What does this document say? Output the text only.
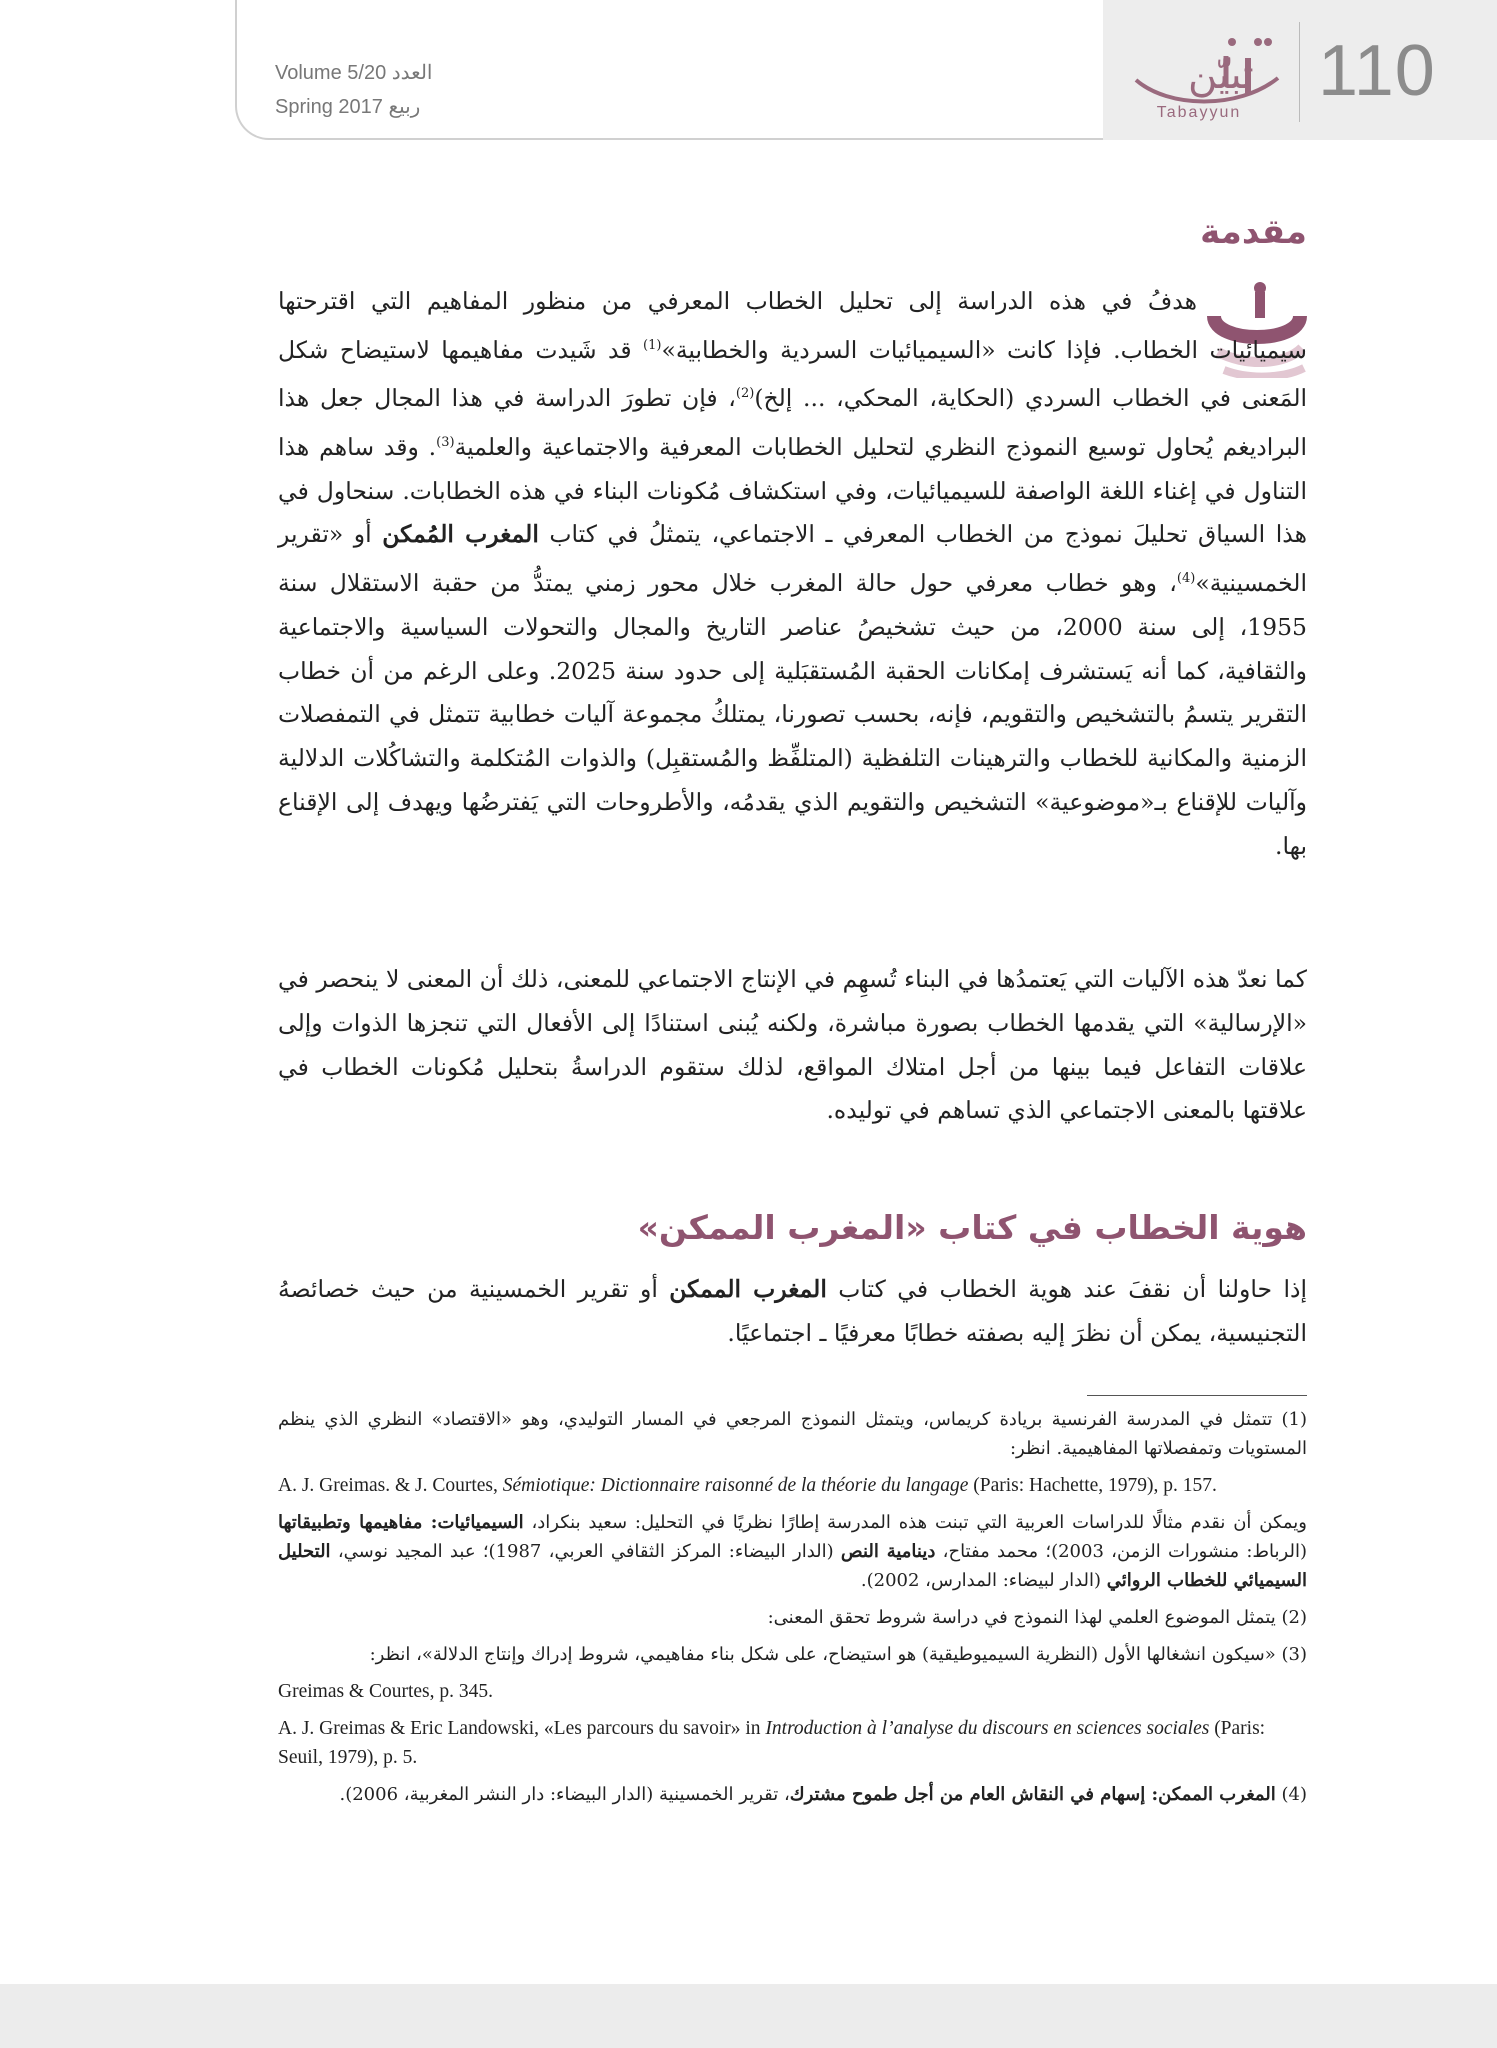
Volume 5/20 العدد
Spring 2017 ربيع
تبيّن
Tabayyun
110
مقدمة

هدفُ في هذه الدراسة إلى تحليل الخطاب المعرفي من منظور المفاهيم التي اقترحتها سيميائيات الخطاب. فإذا كانت «السيميائيات السردية والخطابية»$^{(1)}$ قد شَيدت مفاهيمها لاستيضاح شكل المَعنى في الخطاب السردي (الحكاية، المحكي، ... إلخ)$^{(2)}$، فإن تطورَ الدراسة في هذا المجال جعل هذا البراديغم يُحاول توسيع النموذج النظري لتحليل الخطابات المعرفية والاجتماعية والعلمية$^{(3)}$. وقد ساهم هذا التناول في إغناء اللغة الواصفة للسيميائيات، وفي استكشاف مُكونات البناء في هذه الخطابات. سنحاول في هذا السياق تحليلَ نموذج من الخطاب المعرفي ـ الاجتماعي، يتمثلُ في كتاب المغرب المُمكن أو «تقرير الخمسينية»$^{(4)}$، وهو خطاب معرفي حول حالة المغرب خلال محور زمني يمتدُّ من حقبة الاستقلال سنة 1955، إلى سنة 2000، من حيث تشخيصُ عناصر التاريخ والمجال والتحولات السياسية والاجتماعية والثقافية، كما أنه يَستشرف إمكانات الحقبة المُستقبَلية إلى حدود سنة 2025. وعلى الرغم من أن خطاب التقرير يتسمُ بالتشخيص والتقويم، فإنه، بحسب تصورنا، يمتلكُ مجموعة آليات خطابية تتمثل في التمفصلات الزمنية والمكانية للخطاب والترهينات التلفظية (المتلفِّظ والمُستقبِل) والذوات المُتكلمة والتشاكُلات الدلالية وآليات للإقناع بـ«موضوعية» التشخيص والتقويم الذي يقدمُه، والأطروحات التي يَفترضُها ويهدف إلى الإقناع بها.

كما نعدّ هذه الآليات التي يَعتمدُها في البناء تُسهِم في الإنتاج الاجتماعي للمعنى، ذلك أن المعنى لا ينحصر في «الإرسالية» التي يقدمها الخطاب بصورة مباشرة، ولكنه يُبنى استنادًا إلى الأفعال التي تنجزها الذوات وإلى علاقات التفاعل فيما بينها من أجل امتلاك المواقع، لذلك ستقوم الدراسةُ بتحليل مُكونات الخطاب في علاقتها بالمعنى الاجتماعي الذي تساهم في توليده.

هوية الخطاب في كتاب «المغرب الممكن»

إذا حاولنا أن نقفَ عند هوية الخطاب في كتاب المغرب الممكن أو تقرير الخمسينية من حيث خصائصهُ التجنيسية، يمكن أن نظرَ إليه بصفته خطابًا معرفيًا ـ اجتماعيًا.

(1) تتمثل في المدرسة الفرنسية بريادة كريماس، ويتمثل النموذج المرجعي في المسار التوليدي، وهو «الاقتصاد» النظري الذي ينظم المستويات وتمفصلاتها المفاهيمية. انظر:

A. J. Greimas. & J. Courtes, Sémiotique: Dictionnaire raisonné de la théorie du langage (Paris: Hachette, 1979), p. 157.

ويمكن أن نقدم مثالًا للدراسات العربية التي تبنت هذه المدرسة إطارًا نظريًا في التحليل: سعيد بنكراد، السيميائيات: مفاهيمها وتطبيقاتها (الرباط: منشورات الزمن، 2003)؛ محمد مفتاح، دينامية النص (الدار البيضاء: المركز الثقافي العربي، 1987)؛ عبد المجيد نوسي، التحليل السيميائي للخطاب الروائي (الدار لبيضاء: المدارس، 2002).

(2) يتمثل الموضوع العلمي لهذا النموذج في دراسة شروط تحقق المعنى:

(3) «سيكون انشغالها الأول (النظرية السيميوطيقية) هو استيضاح، على شكل بناء مفاهيمي، شروط إدراك وإنتاج الدلالة»، انظر:

Greimas & Courtes, p. 345.

A. J. Greimas & Eric Landowski, «Les parcours du savoir» in Introduction à l’analyse du discours en sciences sociales (Paris: Seuil, 1979), p. 5.

(4) المغرب الممكن: إسهام في النقاش العام من أجل طموح مشترك، تقرير الخمسينية (الدار البيضاء: دار النشر المغربية، 2006).
